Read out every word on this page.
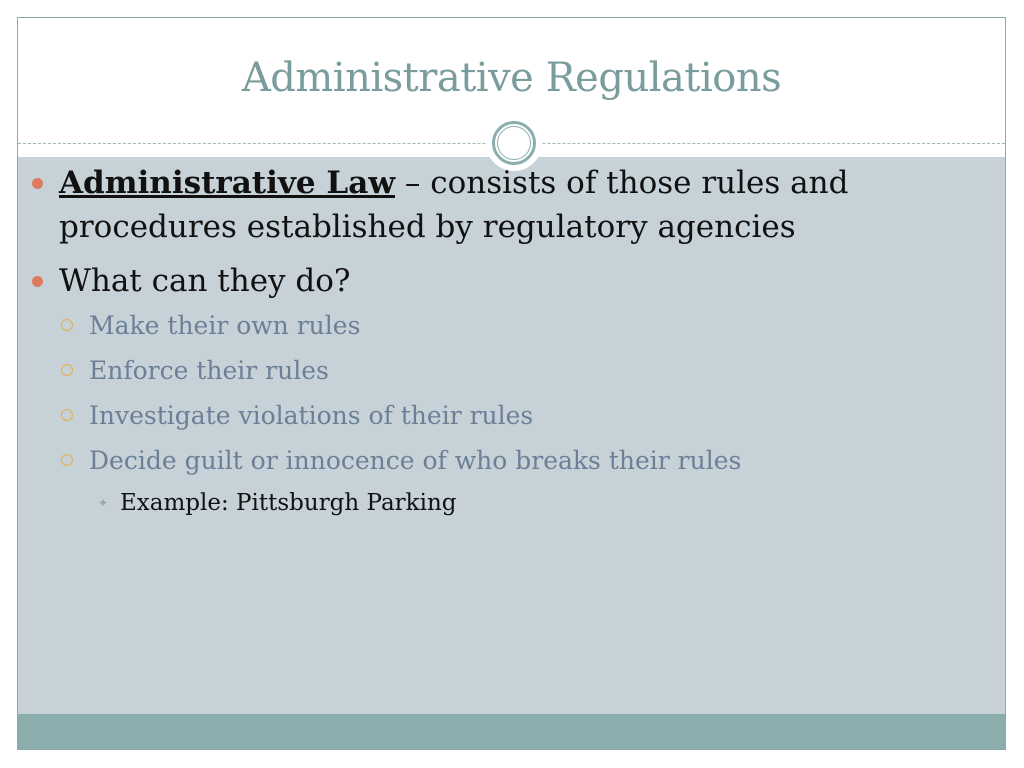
Administrative Regulations
Administrative Law – consists of those rules and procedures established by regulatory agencies
What can they do?
Make their own rules
Enforce their rules
Investigate violations of their rules
Decide guilt or innocence of who breaks their rules
✦ Example: Pittsburgh Parking
